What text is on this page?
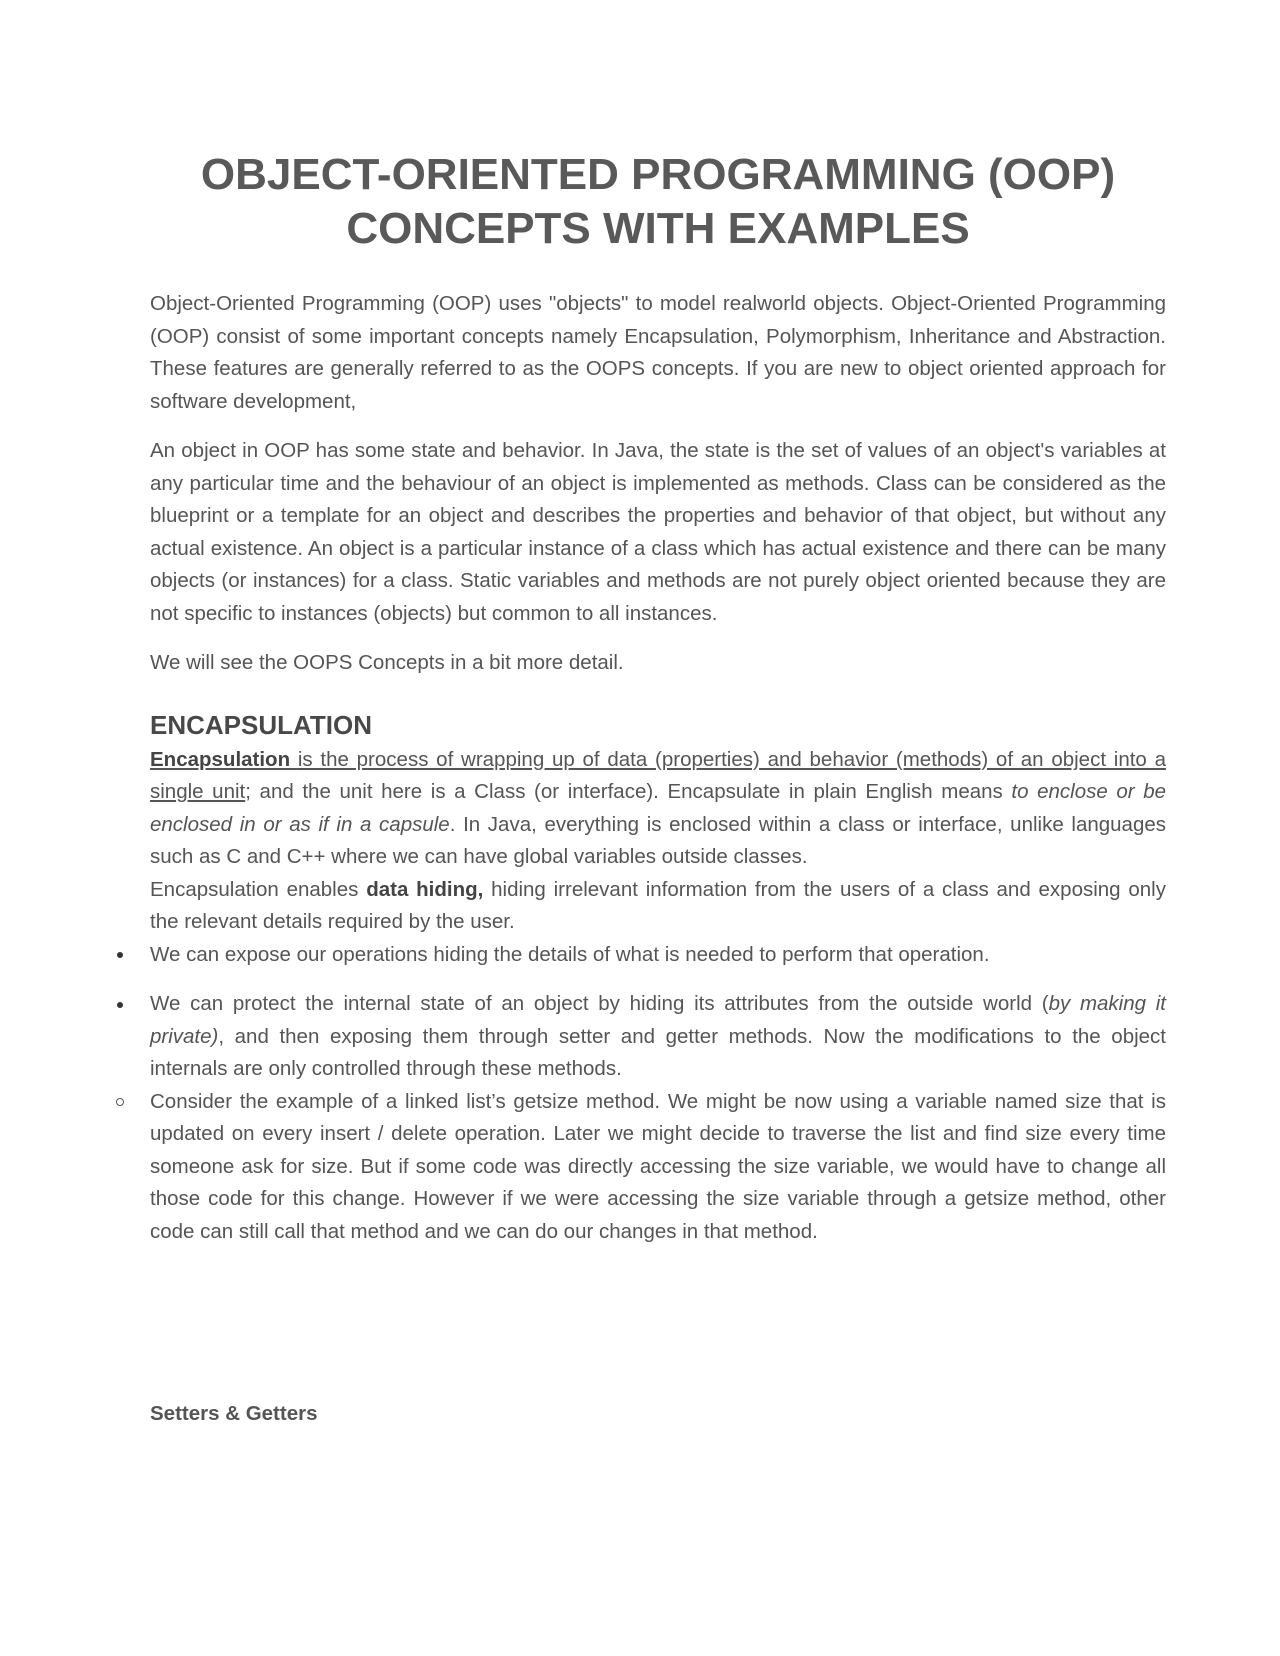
OBJECT-ORIENTED PROGRAMMING (OOP)
CONCEPTS WITH EXAMPLES

Object-Oriented Programming (OOP) uses "objects" to model realworld objects. Object-Oriented Programming (OOP) consist of some important concepts namely Encapsulation, Polymorphism, Inheritance and Abstraction. These features are generally referred to as the OOPS concepts. If you are new to object oriented approach for software development,

An object in OOP has some state and behavior. In Java, the state is the set of values of an object's variables at any particular time and the behaviour of an object is implemented as methods. Class can be considered as the blueprint or a template for an object and describes the properties and behavior of that object, but without any actual existence. An object is a particular instance of a class which has actual existence and there can be many objects (or instances) for a class. Static variables and methods are not purely object oriented because they are not specific to instances (objects) but common to all instances.

We will see the OOPS Concepts in a bit more detail.

ENCAPSULATION

Encapsulation is the process of wrapping up of data (properties) and behavior (methods) of an object into a single unit; and the unit here is a Class (or interface). Encapsulate in plain English means to enclose or be enclosed in or as if in a capsule. In Java, everything is enclosed within a class or interface, unlike languages such as C and C++ where we can have global variables outside classes.

Encapsulation enables data hiding, hiding irrelevant information from the users of a class and exposing only the relevant details required by the user.

We can expose our operations hiding the details of what is needed to perform that operation.

We can protect the internal state of an object by hiding its attributes from the outside world (by making it private), and then exposing them through setter and getter methods. Now the modifications to the object internals are only controlled through these methods.

Consider the example of a linked list’s getsize method. We might be now using a variable named size that is updated on every insert / delete operation. Later we might decide to traverse the list and find size every time someone ask for size. But if some code was directly accessing the size variable, we would have to change all those code for this change. However if we were accessing the size variable through a getsize method, other code can still call that method and we can do our changes in that method.

Setters & Getters
